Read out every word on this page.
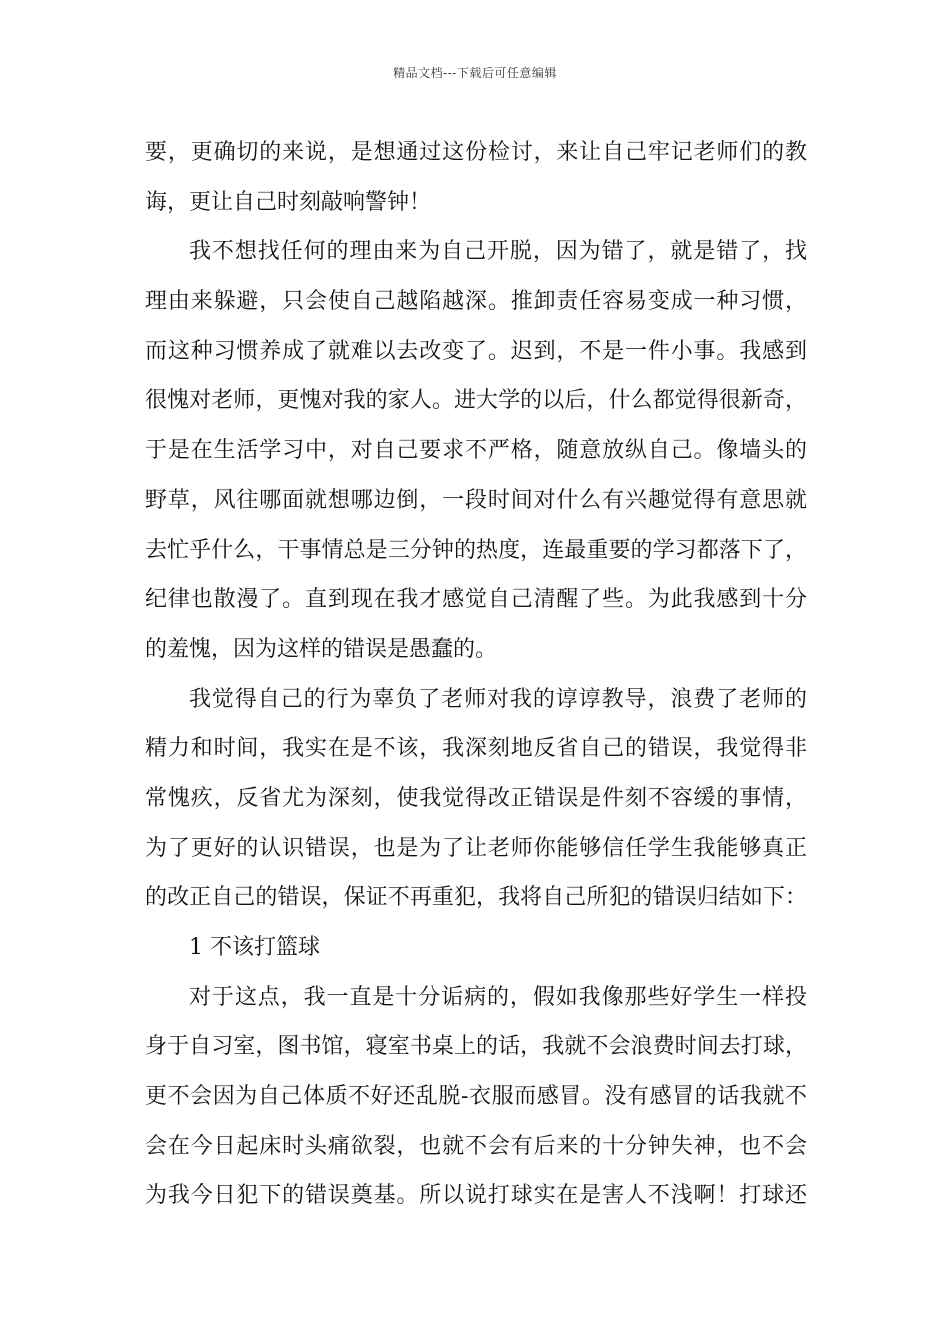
精品文档---下载后可任意编辑
要，更确切的来说，是想通过这份检讨，来让自己牢记老师们的教
诲，更让自己时刻敲响警钟！
我不想找任何的理由来为自己开脱，因为错了，就是错了，找
理由来躲避，只会使自己越陷越深。推卸责任容易变成一种习惯，
而这种习惯养成了就难以去改变了。迟到，不是一件小事。我感到
很愧对老师，更愧对我的家人。进大学的以后，什么都觉得很新奇，
于是在生活学习中，对自己要求不严格，随意放纵自己。像墙头的
野草，风往哪面就想哪边倒，一段时间对什么有兴趣觉得有意思就
去忙乎什么，干事情总是三分钟的热度，连最重要的学习都落下了，
纪律也散漫了。直到现在我才感觉自己清醒了些。为此我感到十分
的羞愧，因为这样的错误是愚蠢的。
我觉得自己的行为辜负了老师对我的谆谆教导，浪费了老师的
精力和时间，我实在是不该，我深刻地反省自己的错误，我觉得非
常愧疚，反省尤为深刻，使我觉得改正错误是件刻不容缓的事情，
为了更好的认识错误，也是为了让老师你能够信任学生我能够真正
的改正自己的错误，保证不再重犯，我将自己所犯的错误归结如下：
1 不该打篮球
对于这点，我一直是十分诟病的，假如我像那些好学生一样投
身于自习室，图书馆，寝室书桌上的话，我就不会浪费时间去打球，
更不会因为自己体质不好还乱脱-衣服而感冒。没有感冒的话我就不
会在今日起床时头痛欲裂，也就不会有后来的十分钟失神，也不会
为我今日犯下的错误奠基。所以说打球实在是害人不浅啊！打球还
